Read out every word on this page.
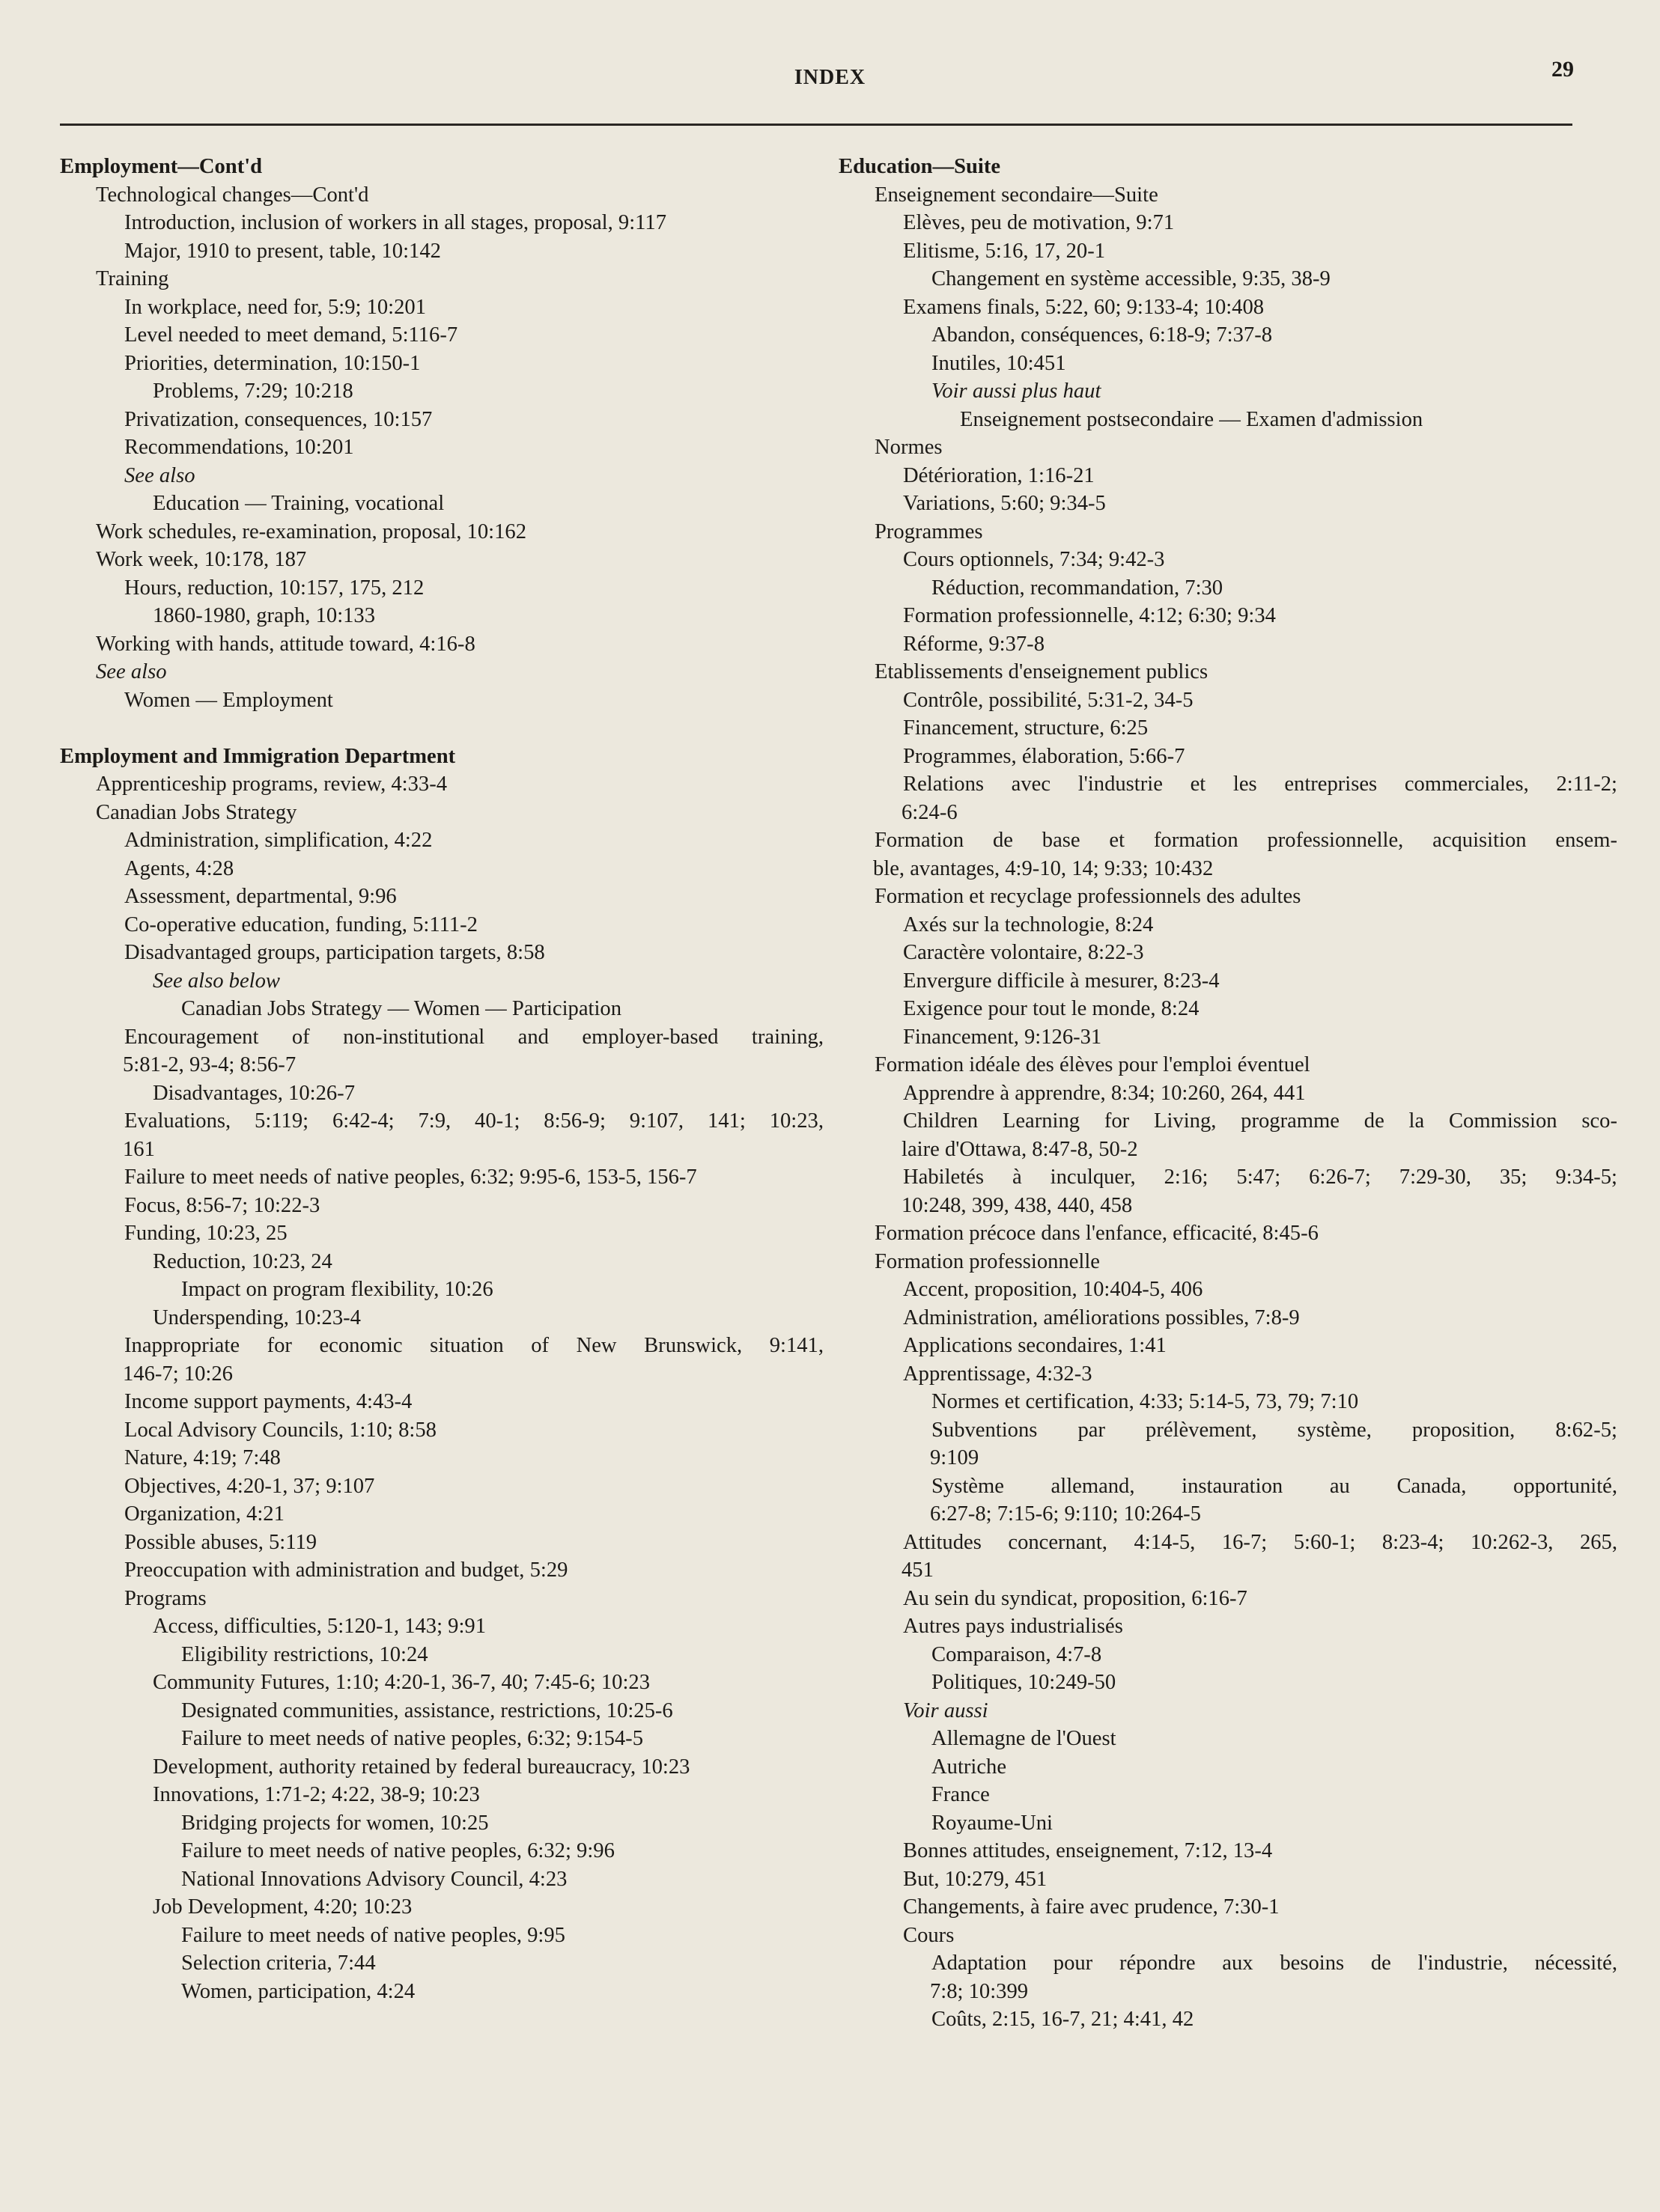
INDEX	29
Employment—Cont'd
Technological changes—Cont'd
Introduction, inclusion of workers in all stages, proposal, 9:117
Major, 1910 to present, table, 10:142
Training
In workplace, need for, 5:9; 10:201
Level needed to meet demand, 5:116-7
Priorities, determination, 10:150-1
Problems, 7:29; 10:218
Privatization, consequences, 10:157
Recommendations, 10:201
See also
Education — Training, vocational
Work schedules, re-examination, proposal, 10:162
Work week, 10:178, 187
Hours, reduction, 10:157, 175, 212
1860-1980, graph, 10:133
Working with hands, attitude toward, 4:16-8
See also
Women — Employment
Employment and Immigration Department
Apprenticeship programs, review, 4:33-4
Canadian Jobs Strategy
Administration, simplification, 4:22
Agents, 4:28
Assessment, departmental, 9:96
Co-operative education, funding, 5:111-2
Disadvantaged groups, participation targets, 8:58
See also below
Canadian Jobs Strategy — Women — Participation
Encouragement of non-institutional and employer-based training,
5:81-2, 93-4; 8:56-7
Disadvantages, 10:26-7
Evaluations, 5:119; 6:42-4; 7:9, 40-1; 8:56-9; 9:107, 141; 10:23,
161
Failure to meet needs of native peoples, 6:32; 9:95-6, 153-5, 156-7
Focus, 8:56-7; 10:22-3
Funding, 10:23, 25
Reduction, 10:23, 24
Impact on program flexibility, 10:26
Underspending, 10:23-4
Inappropriate for economic situation of New Brunswick, 9:141,
146-7; 10:26
Income support payments, 4:43-4
Local Advisory Councils, 1:10; 8:58
Nature, 4:19; 7:48
Objectives, 4:20-1, 37; 9:107
Organization, 4:21
Possible abuses, 5:119
Preoccupation with administration and budget, 5:29
Programs
Access, difficulties, 5:120-1, 143; 9:91
Eligibility restrictions, 10:24
Community Futures, 1:10; 4:20-1, 36-7, 40; 7:45-6; 10:23
Designated communities, assistance, restrictions, 10:25-6
Failure to meet needs of native peoples, 6:32; 9:154-5
Development, authority retained by federal bureaucracy, 10:23
Innovations, 1:71-2; 4:22, 38-9; 10:23
Bridging projects for women, 10:25
Failure to meet needs of native peoples, 6:32; 9:96
National Innovations Advisory Council, 4:23
Job Development, 4:20; 10:23
Failure to meet needs of native peoples, 9:95
Selection criteria, 7:44
Women, participation, 4:24
Education—Suite
Enseignement secondaire—Suite
Elèves, peu de motivation, 9:71
Elitisme, 5:16, 17, 20-1
Changement en système accessible, 9:35, 38-9
Examens finals, 5:22, 60; 9:133-4; 10:408
Abandon, conséquences, 6:18-9; 7:37-8
Inutiles, 10:451
Voir aussi plus haut
Enseignement postsecondaire — Examen d'admission
Normes
Détérioration, 1:16-21
Variations, 5:60; 9:34-5
Programmes
Cours optionnels, 7:34; 9:42-3
Réduction, recommandation, 7:30
Formation professionnelle, 4:12; 6:30; 9:34
Réforme, 9:37-8
Etablissements d'enseignement publics
Contrôle, possibilité, 5:31-2, 34-5
Financement, structure, 6:25
Programmes, élaboration, 5:66-7
Relations avec l'industrie et les entreprises commerciales, 2:11-2;
6:24-6
Formation de base et formation professionnelle, acquisition ensem-
ble, avantages, 4:9-10, 14; 9:33; 10:432
Formation et recyclage professionnels des adultes
Axés sur la technologie, 8:24
Caractère volontaire, 8:22-3
Envergure difficile à mesurer, 8:23-4
Exigence pour tout le monde, 8:24
Financement, 9:126-31
Formation idéale des élèves pour l'emploi éventuel
Apprendre à apprendre, 8:34; 10:260, 264, 441
Children Learning for Living, programme de la Commission sco-
laire d'Ottawa, 8:47-8, 50-2
Habiletés à inculquer, 2:16; 5:47; 6:26-7; 7:29-30, 35; 9:34-5;
10:248, 399, 438, 440, 458
Formation précoce dans l'enfance, efficacité, 8:45-6
Formation professionnelle
Accent, proposition, 10:404-5, 406
Administration, améliorations possibles, 7:8-9
Applications secondaires, 1:41
Apprentissage, 4:32-3
Normes et certification, 4:33; 5:14-5, 73, 79; 7:10
Subventions par prélèvement, système, proposition, 8:62-5;
9:109
Système allemand, instauration au Canada, opportunité,
6:27-8; 7:15-6; 9:110; 10:264-5
Attitudes concernant, 4:14-5, 16-7; 5:60-1; 8:23-4; 10:262-3, 265,
451
Au sein du syndicat, proposition, 6:16-7
Autres pays industrialisés
Comparaison, 4:7-8
Politiques, 10:249-50
Voir aussi
Allemagne de l'Ouest
Autriche
France
Royaume-Uni
Bonnes attitudes, enseignement, 7:12, 13-4
But, 10:279, 451
Changements, à faire avec prudence, 7:30-1
Cours
Adaptation pour répondre aux besoins de l'industrie, nécessité,
7:8; 10:399
Coûts, 2:15, 16-7, 21; 4:41, 42
